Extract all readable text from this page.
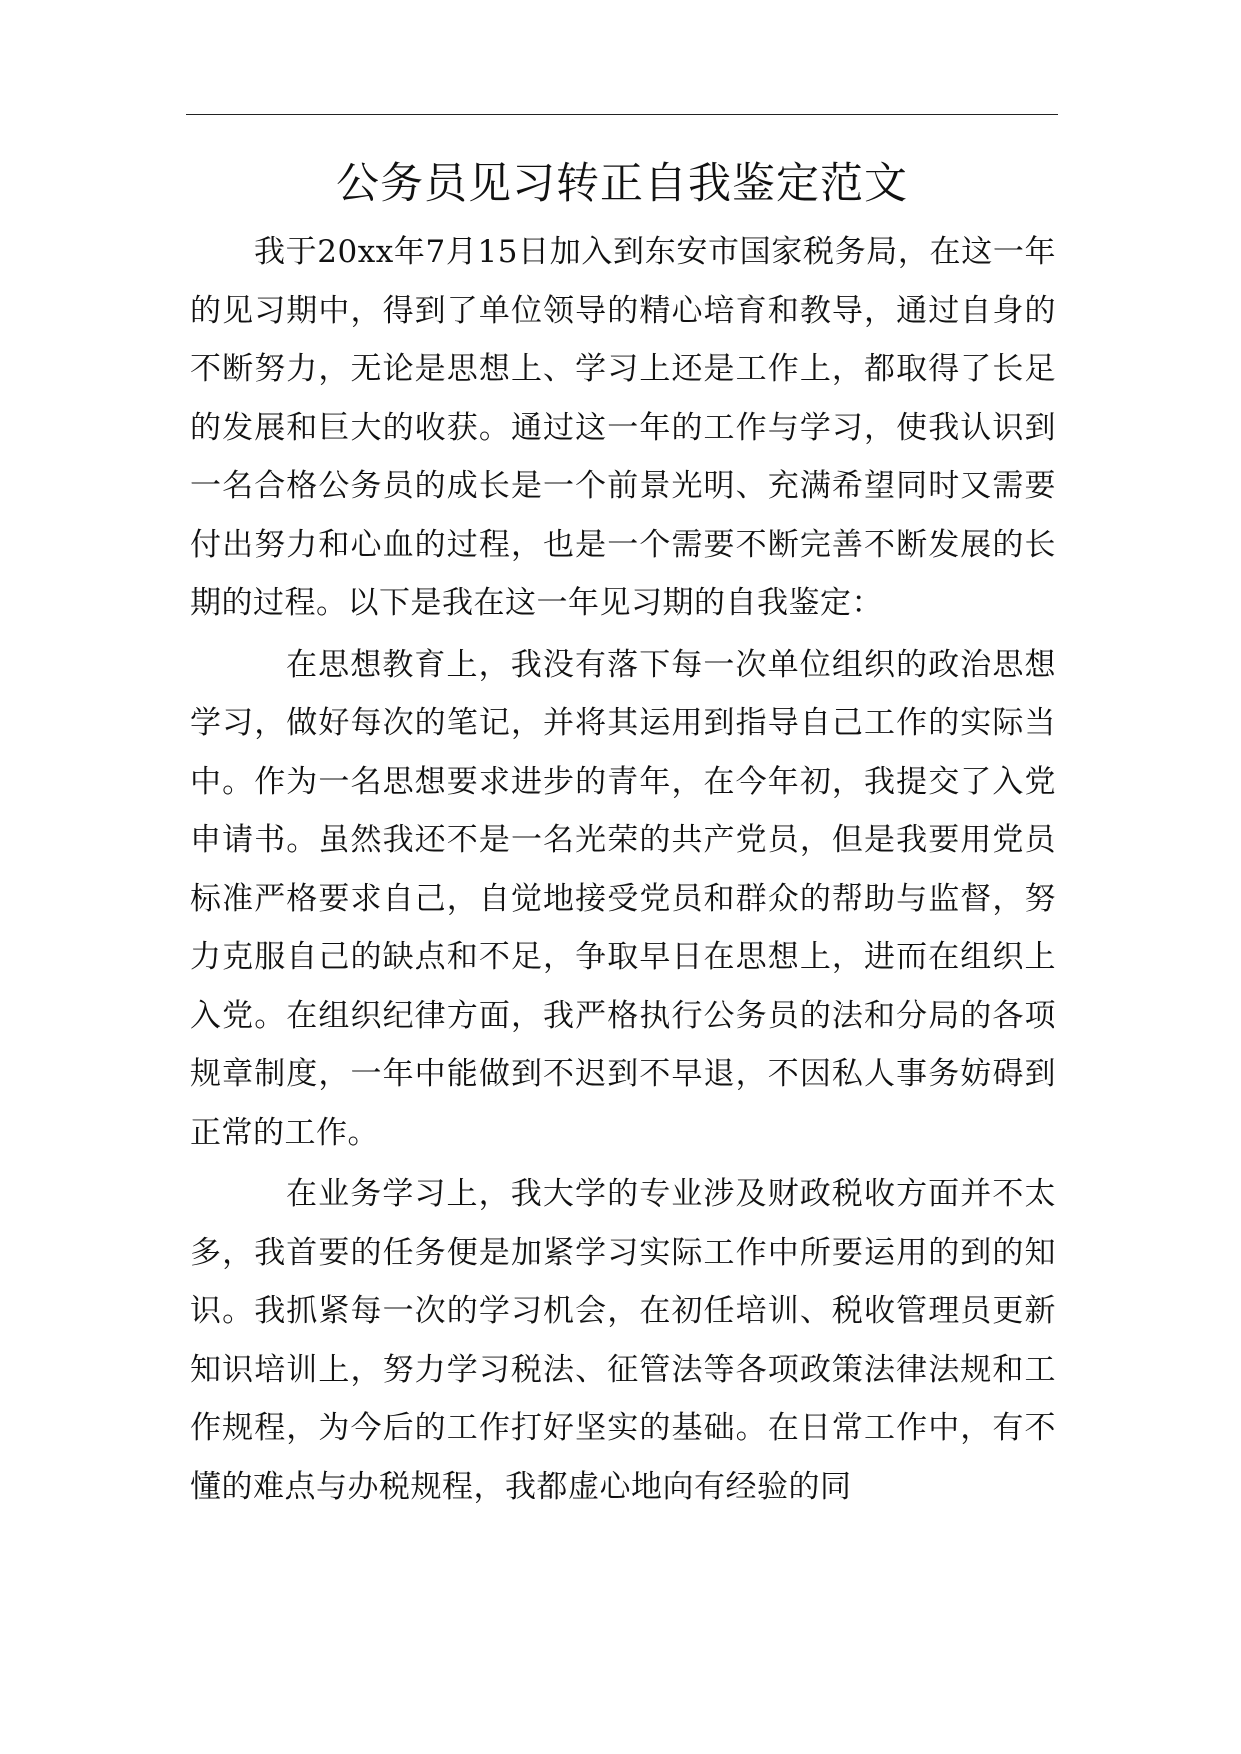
公务员见习转正自我鉴定范文

我于20xx年7月15日加入到东安市国家税务局，在这一年的见习期中，得到了单位领导的精心培育和教导，通过自身的不断努力，无论是思想上、学习上还是工作上，都取得了长足的发展和巨大的收获。通过这一年的工作与学习，使我认识到一名合格公务员的成长是一个前景光明、充满希望同时又需要付出努力和心血的过程，也是一个需要不断完善不断发展的长期的过程。以下是我在这一年见习期的自我鉴定：

在思想教育上，我没有落下每一次单位组织的政治思想学习，做好每次的笔记，并将其运用到指导自己工作的实际当中。作为一名思想要求进步的青年，在今年初，我提交了入党申请书。虽然我还不是一名光荣的共产党员，但是我要用党员标准严格要求自己，自觉地接受党员和群众的帮助与监督，努力克服自己的缺点和不足，争取早日在思想上，进而在组织上入党。在组织纪律方面，我严格执行公务员的法和分局的各项规章制度，一年中能做到不迟到不早退，不因私人事务妨碍到正常的工作。

在业务学习上，我大学的专业涉及财政税收方面并不太多，我首要的任务便是加紧学习实际工作中所要运用的到的知识。我抓紧每一次的学习机会，在初任培训、税收管理员更新知识培训上，努力学习税法、征管法等各项政策法律法规和工作规程，为今后的工作打好坚实的基础。在日常工作中，有不懂的难点与办税规程，我都虚心地向有经验的同
